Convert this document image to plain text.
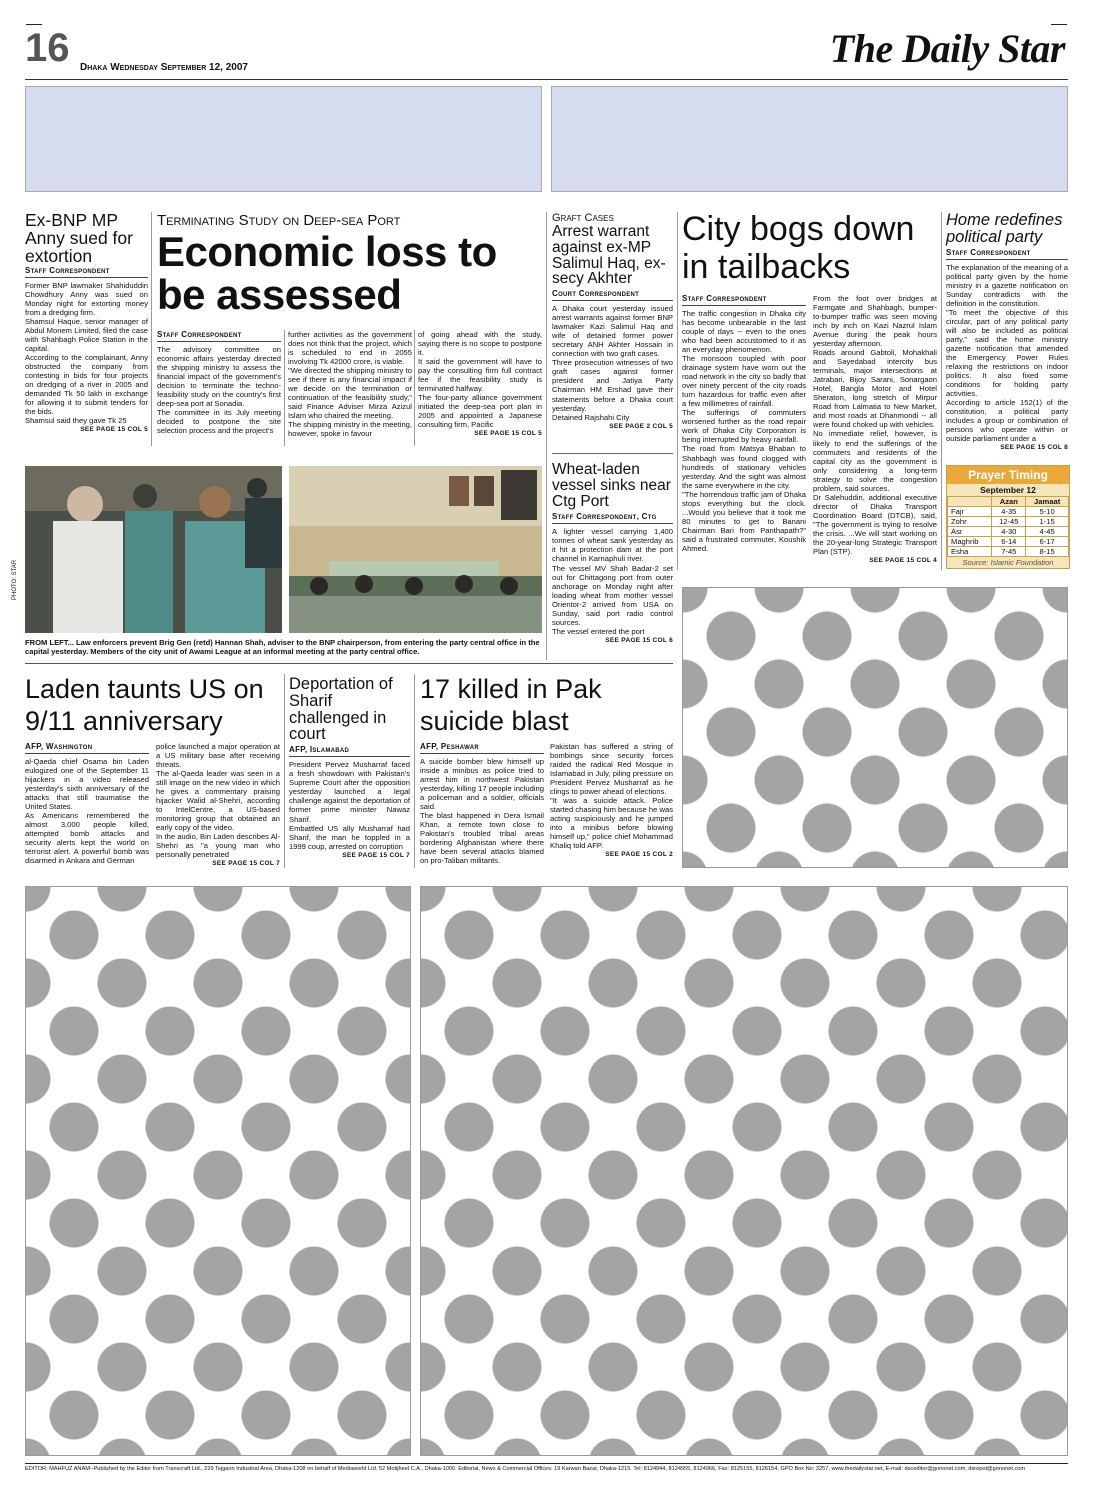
16 Dhaka Wednesday September 12, 2007	The Daily Star
Ex-BNP MP Anny sued for extortion
Staff Correspondent
Former BNP lawmaker Shahiduddin Chowdhury Anny was sued on Monday night for extorting money from a dredging firm.
Shamsul Haque, senior manager of Abdul Monem Limited, filed the case with Shahbagh Police Station in the capital.
According to the complainant, Anny obstructed the company from contesting in bids for four projects on dredging of a river in 2005 and demanded Tk 50 lakh in exchange for allowing it to submit tenders for the bids.
Shamsul said they gave Tk 25
SEE PAGE 15 COL 5
Terminating Study on Deep-sea Port
Economic loss to be assessed
Staff Correspondent
The advisory committee on economic affairs yesterday directed the shipping ministry to assess the financial impact of the government's decision to terminate the techno-feasibility study on the country's first deep-sea port at Sonadia.
The committee in its July meeting decided to postpone the site selection process and the project's
further activities as the government does not think that the project, which is scheduled to end in 2055 involving Tk 42000 crore, is viable.
"We directed the shipping ministry to see if there is any financial impact if we decide on the termination or continuation of the feasibility study," said Finance Adviser Mirza Azizul Islam who chaired the meeting.
The shipping ministry in the meeting, however, spoke in favour
of going ahead with the study, saying there is no scope to postpone it.
It said the government will have to pay the consulting firm full contract fee if the feasibility study is terminated halfway.
The four-party alliance government initiated the deep-sea port plan in 2005 and appointed a Japanese consulting firm, Pacific
SEE PAGE 15 COL 5
Graft Cases
Arrest warrant against ex-MP Salimul Haq, ex-secy Akhter
Court Correspondent
A Dhaka court yesterday issued arrest warrants against former BNP lawmaker Kazi Salimul Haq and wife of detained former power secretary ANH Akhter Hossain in connection with two graft cases.
Three prosecution witnesses of two graft cases against former president and Jatiya Party Chairman HM Ershad gave their statements before a Dhaka court yesterday.
Detained Rajshahi City
SEE PAGE 2 COL 5
Wheat-laden vessel sinks near Ctg Port
Staff Correspondent, Ctg
A lighter vessel carrying 1,400 tonnes of wheat sank yesterday as it hit a protection dam at the port channel in Karnaphuli river.
The vessel MV Shah Badar-2 set out for Chittagong port from outer anchorage on Monday night after loading wheat from mother vessel Orientor-2 arrived from USA on Sunday, said port radio control sources.
The vessel entered the port
SEE PAGE 15 COL 6
City bogs down in tailbacks
Staff Correspondent
The traffic congestion in Dhaka city has become unbearable in the last couple of days -- even to the ones who had been accustomed to it as an everyday phenomenon.
The monsoon coupled with poor drainage system have worn out the road network in the city so badly that over ninety percent of the city roads turn hazardous for traffic even after a few millimetres of rainfall.
The sufferings of commuters worsened further as the road repair work of Dhaka City Corporation is being interrupted by heavy rainfall.
The road from Matsya Bhaban to Shahbagh was found clogged with hundreds of stationary vehicles yesterday. And the sight was almost the same everywhere in the city.
"The horrendous traffic jam of Dhaka stops everything but the clock. ...Would you believe that it took me 80 minutes to get to Banani Chairman Bari from Panthapath?" said a frustrated commuter, Koushik Ahmed.
From the foot over bridges at Farmgate and Shahbagh, bumper-to-bumper traffic was seen moving inch by inch on Kazi Nazrul Islam Avenue during the peak hours yesterday afternoon.
Roads around Gabtoli, Mohakhali and Sayedabad intercity bus terminals, major intersections at Jatrabari, Bijoy Sarani, Sonargaon Hotel, Bangla Motor and Hotel Sheraton, long stretch of Mirpur Road from Lalmatia to New Market, and most roads at Dhanmondi -- all were found choked up with vehicles.
No immediate relief, however, is likely to end the sufferings of the commuters and residents of the capital city as the government is only considering a long-term strategy to solve the congestion problem, said sources.
Dr Salehuddin, additional executive director of Dhaka Transport Coordination Board (DTCB), said, "The government is trying to resolve the crisis. ...We will start working on the 20-year-long Strategic Transport Plan (STP).
SEE PAGE 15 COL 4
Home redefines political party
Staff Correspondent
The explanation of the meaning of a political party given by the home ministry in a gazette notification on Sunday contradicts with the definition in the constitution.
"To meet the objective of this circular, part of any political party will also be included as political party," said the home ministry gazette notification that amended the Emergency Power Rules relaxing the restrictions on indoor politics. It also fixed some conditions for holding party activities.
According to article 152(1) of the constitution, a political party includes a group or combination of persons who operate within or outside parliament under a
SEE PAGE 15 COL 8
Prayer Timing
September 12
	Azan	Jamaat
Fajr	4-35	5-10
Zohr	12-45	1-15
Asr	4-30	4-45
Maghrib	6-14	6-17
Esha	7-45	8-15
Source: Islamic Foundation
PHOTO: STAR
FROM LEFT... Law enforcers prevent Brig Gen (retd) Hannan Shah, adviser to the BNP chairperson, from entering the party central office in the capital yesterday. Members of the city unit of Awami League at an informal meeting at the party central office.
Laden taunts US on 9/11 anniversary
AFP, Washington
al-Qaeda chief Osama bin Laden eulogized one of the September 11 hijackers in a video released yesterday's sixth anniversary of the attacks that still traumatise the United States.
As Americans remembered the almost 3,000 people killed, attempted bomb attacks and security alerts kept the world on terrorist alert. A powerful bomb was disarmed in Ankara and German
police launched a major operation at a US military base after receiving threats.
The al-Qaeda leader was seen in a still image on the new video in which he gives a commentary praising hijacker Walid al-Shehri, according to IntelCentre, a US-based monitoring group that obtained an early copy of the video.
In the audio, Bin Laden describes Al-Shehri as "a young man who personally penetrated
SEE PAGE 15 COL 7
Deportation of Sharif challenged in court
AFP, Islamabad
President Pervez Musharraf faced a fresh showdown with Pakistan's Supreme Court after the opposition yesterday launched a legal challenge against the deportation of former prime minister Nawaz Sharif.
Embattled US ally Musharraf had Sharif, the man he toppled in a 1999 coup, arrested on corruption
SEE PAGE 15 COL 7
17 killed in Pak suicide blast
AFP, Peshawar
A suicide bomber blew himself up inside a minibus as police tried to arrest him in northwest Pakistan yesterday, killing 17 people including a policeman and a soldier, officials said.
The blast happened in Dera Ismail Khan, a remote town close to Pakistan's troubled tribal areas bordering Afghanistan where there have been several attacks blamed on pro-Taliban militants.
Pakistan has suffered a string of bombings since security forces raided the radical Red Mosque in Islamabad in July, piling pressure on President Pervez Musharraf as he clings to power ahead of elections.
"It was a suicide attack. Police started chasing him because he was acting suspiciously and he jumped into a minibus before blowing himself up," police chief Mohammad Khaliq told AFP.
SEE PAGE 15 COL 2
EDITOR: MAHFUZ ANAM--Published by the Editor from Transcraft Ltd., 229 Tejgaon Industrial Area, Dhaka-1208 on behalf of Mediaworld Ltd. 52 Motijheel C.A., Dhaka-1000. Editorial, News & Commercial Offices: 19 Karwan Bazar, Dhaka-1215. Tel: 8124944, 8124955, 8124966, Fax: 8125155, 8126154, GPO Box No: 3257, www.thedailystar.net, E-mail: dsceditor@gononet.com, dsrepot@gononet.com
